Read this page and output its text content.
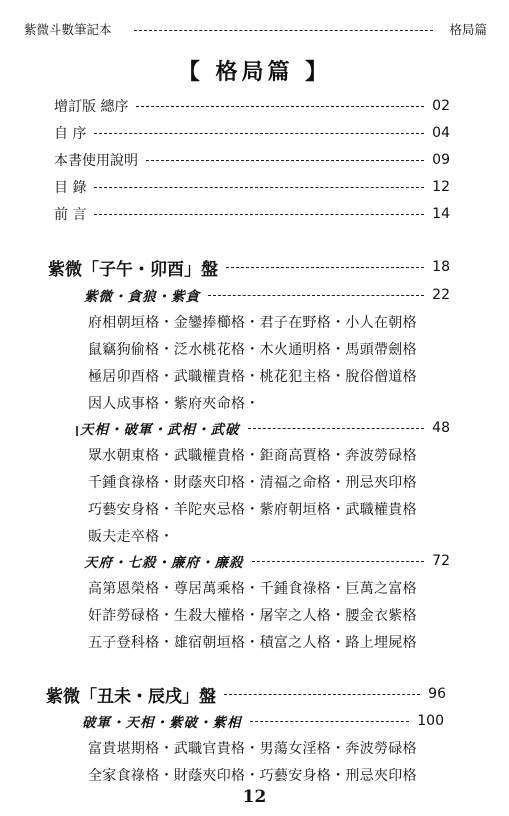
紫微斗數筆記本	格局篇
【 格局篇 】
增訂版 總序	02
自 序	04
本書使用說明	09
目 錄	12
前 言	14
紫微「子午・卯酉」盤	18
紫微・貪狼・紫貪	22
府相朝垣格・金鑾捧櫛格・君子在野格・小人在朝格
鼠竊狗偷格・泛水桃花格・木火通明格・馬頭帶劍格
極居卯酉格・武職權貴格・桃花犯主格・脫俗僧道格
因人成事格・紫府夾命格・
天相・破軍・武相・武破	48
眾水朝東格・武職權貴格・鉅商高賈格・奔波勞碌格
千鍾食祿格・財蔭夾印格・清福之命格・刑忌夾印格
巧藝安身格・羊陀夾忌格・紫府朝垣格・武職權貴格
販夫走卒格・
天府・七殺・廉府・廉殺	72
高第恩榮格・尊居萬乘格・千鍾食祿格・巨萬之富格
奸詐勞碌格・生殺大權格・屠宰之人格・腰金衣紫格
五子登科格・雄宿朝垣格・積富之人格・路上埋屍格
紫微「丑未・辰戌」盤	96
破軍・天相・紫破・紫相	100
富貴堪期格・武職官貴格・男蕩女淫格・奔波勞碌格
全家食祿格・財蔭夾印格・巧藝安身格・刑忌夾印格
12
